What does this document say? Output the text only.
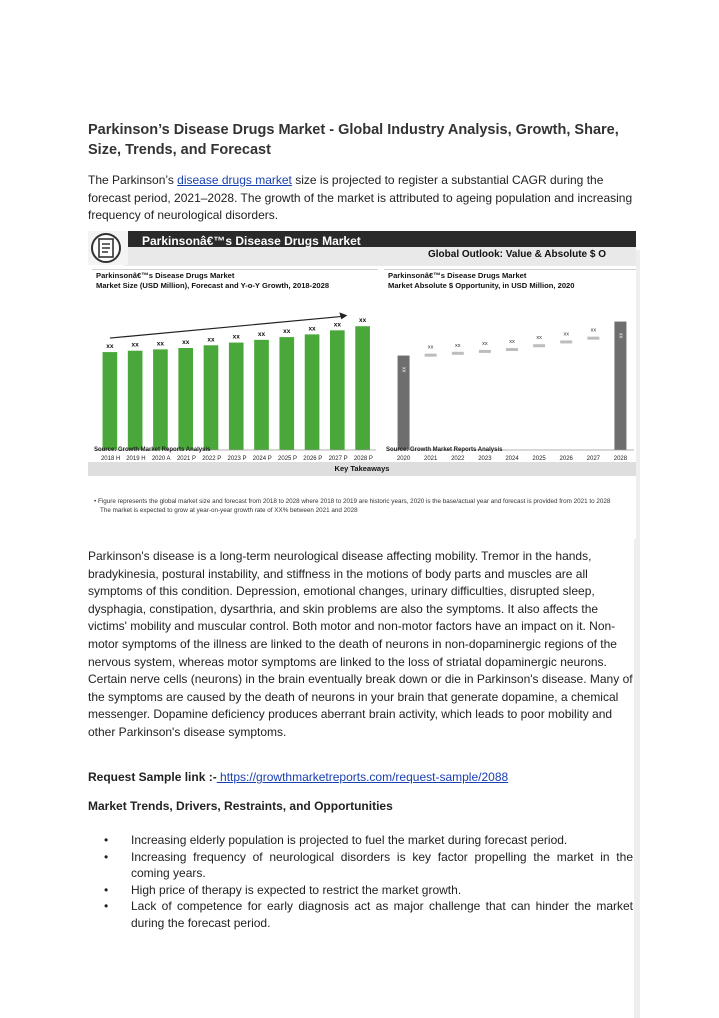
Parkinson’s Disease Drugs Market - Global Industry Analysis, Growth, Share, Size, Trends, and Forecast
The Parkinson’s disease drugs market size is projected to register a substantial CAGR during the forecast period, 2021–2028. The growth of the market is attributed to ageing population and increasing frequency of neurological disorders.
Parkinsonâ€™s Disease Drugs Market
Global Outlook: Value & Absolute $ O
Parkinsonâ€™s Disease Drugs Market
Market Size (USD Million), Forecast and Y-o-Y Growth, 2018-2028
xx
2018 H
xx
2019 H
xx
2020 A
xx
2021 P
xx
2022 P
xx
2023 P
xx
2024 P
xx
2025 P
xx
2026 P
xx
2027 P
xx
2028 P
Parkinsonâ€™s Disease Drugs Market
Market Absolute $ Opportunity, in USD Million, 2020
xx
2020
xx
2021
xx
2022
xx
2023
xx
2024
xx
2025
xx
2026
xx
2027
xx
2028
Source: Growth Market Reports Analysis	Source: Growth Market Reports Analysis
Key Takeaways
• Figure represents the global market size and forecast from 2018 to 2028 where 2018 to 2019 are historic years, 2020 is the base/actual year and forecast is provided from 2021 to 2028
The market is expected to grow at year-on-year growth rate of XX% between 2021 and 2028
Parkinson's disease is a long-term neurological disease affecting mobility. Tremor in the hands, bradykinesia, postural instability, and stiffness in the motions of body parts and muscles are all symptoms of this condition. Depression, emotional changes, urinary difficulties, disrupted sleep, dysphagia, constipation, dysarthria, and skin problems are also the symptoms. It also affects the victims' mobility and muscular control. Both motor and non-motor factors have an impact on it. Non-motor symptoms of the illness are linked to the death of neurons in non-dopaminergic regions of the nervous system, whereas motor symptoms are linked to the loss of striatal dopaminergic neurons. Certain nerve cells (neurons) in the brain eventually break down or die in Parkinson's disease. Many of the symptoms are caused by the death of neurons in your brain that generate dopamine, a chemical messenger. Dopamine deficiency produces aberrant brain activity, which leads to poor mobility and other Parkinson's disease symptoms.
Request Sample link :- https://growthmarketreports.com/request-sample/2088
Market Trends, Drivers, Restraints, and Opportunities
• Increasing elderly population is projected to fuel the market during forecast period.
• Increasing frequency of neurological disorders is key factor propelling the market in the coming years.
• High price of therapy is expected to restrict the market growth.
• Lack of competence for early diagnosis act as major challenge that can hinder the market during the forecast period.
